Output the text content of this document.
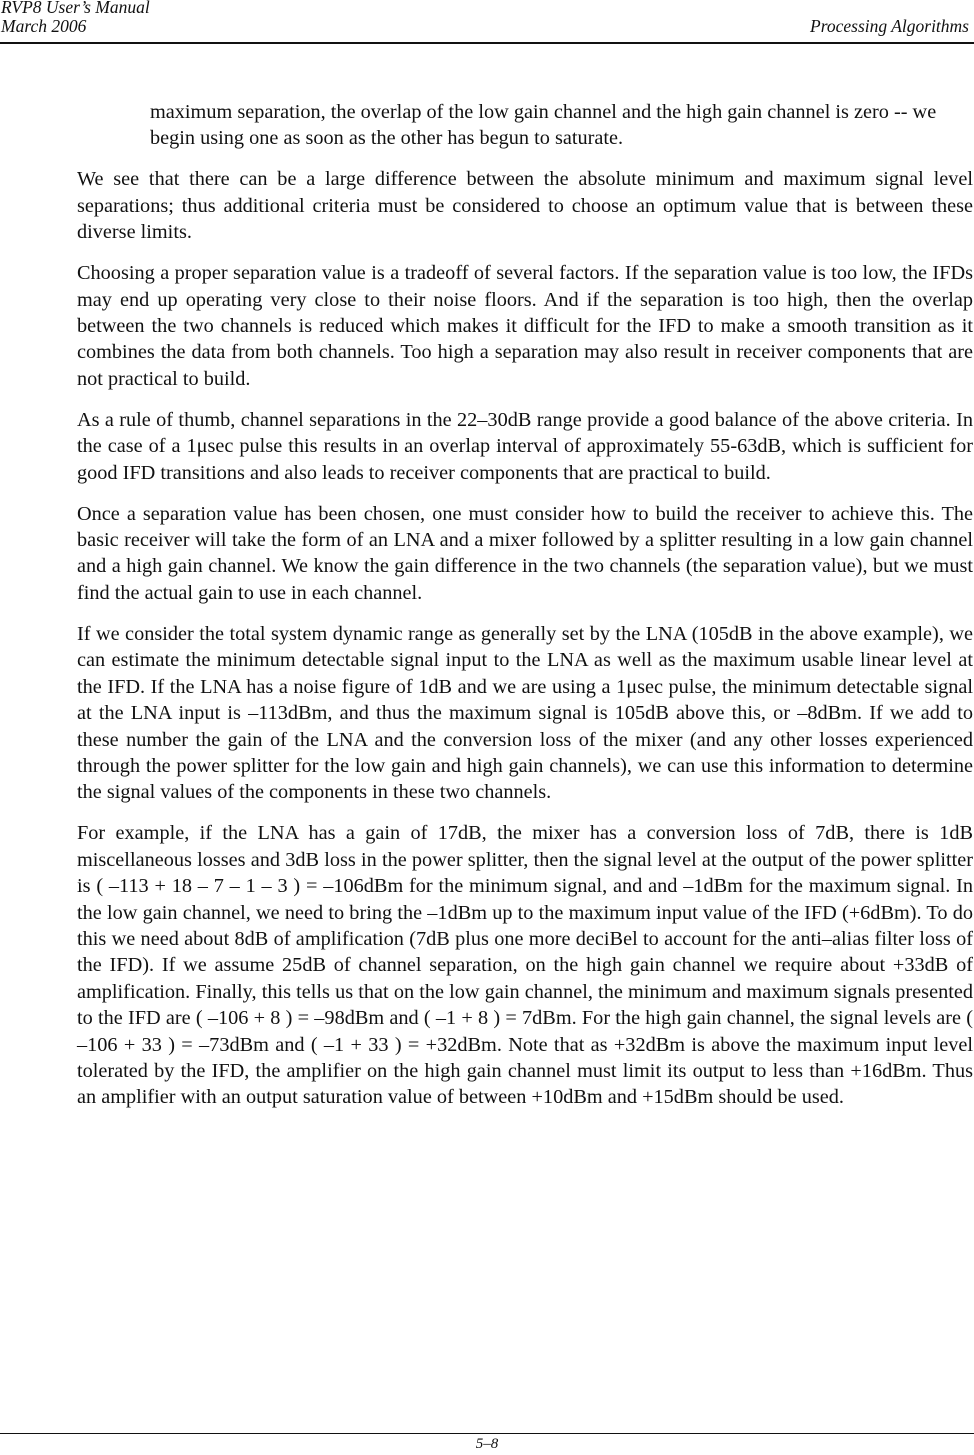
RVP8 User’s Manual
March 2006	Processing Algorithms

maximum separation, the overlap of the low gain channel and the high gain channel is zero -- we begin using one as soon as the other has begun to saturate.

We see that there can be a large difference between the absolute minimum and maximum signal level separations; thus additional criteria must be considered to choose an optimum value that is between these diverse limits.

Choosing a proper separation value is a tradeoff of several factors. If the separation value is too low, the IFDs may end up operating very close to their noise floors. And if the separation is too high, then the overlap between the two channels is reduced which makes it difficult for the IFD to make a smooth transition as it combines the data from both channels. Too high a separation may also result in receiver components that are not practical to build.

As a rule of thumb, channel separations in the 22–30dB range provide a good balance of the above criteria. In the case of a 1μsec pulse this results in an overlap interval of approximately 55-63dB, which is sufficient for good IFD transitions and also leads to receiver components that are practical to build.

Once a separation value has been chosen, one must consider how to build the receiver to achieve this. The basic receiver will take the form of an LNA and a mixer followed by a splitter resulting in a low gain channel and a high gain channel. We know the gain difference in the two channels (the separation value), but we must find the actual gain to use in each channel.

If we consider the total system dynamic range as generally set by the LNA (105dB in the above example), we can estimate the minimum detectable signal input to the LNA as well as the maximum usable linear level at the IFD. If the LNA has a noise figure of 1dB and we are using a 1μsec pulse, the minimum detectable signal at the LNA input is –113dBm, and thus the maximum signal is 105dB above this, or –8dBm. If we add to these number the gain of the LNA and the conversion loss of the mixer (and any other losses experienced through the power splitter for the low gain and high gain channels), we can use this information to determine the signal values of the components in these two channels.

For example, if the LNA has a gain of 17dB, the mixer has a conversion loss of 7dB, there is 1dB miscellaneous losses and 3dB loss in the power splitter, then the signal level at the output of the power splitter is ( –113 + 18 – 7 – 1 – 3 ) = –106dBm for the minimum signal, and and –1dBm for the maximum signal. In the low gain channel, we need to bring the –1dBm up to the maximum input value of the IFD (+6dBm). To do this we need about 8dB of amplification (7dB plus one more deciBel to account for the anti–alias filter loss of the IFD). If we assume 25dB of channel separation, on the high gain channel we require about +33dB of amplification. Finally, this tells us that on the low gain channel, the minimum and maximum signals presented to the IFD are ( –106 + 8 ) = –98dBm and ( –1 + 8 ) = 7dBm. For the high gain channel, the signal levels are ( –106 + 33 ) = –73dBm and ( –1 + 33 ) = +32dBm. Note that as +32dBm is above the maximum input level tolerated by the IFD, the amplifier on the high gain channel must limit its output to less than +16dBm. Thus an amplifier with an output saturation value of between +10dBm and +15dBm should be used.

5–8
